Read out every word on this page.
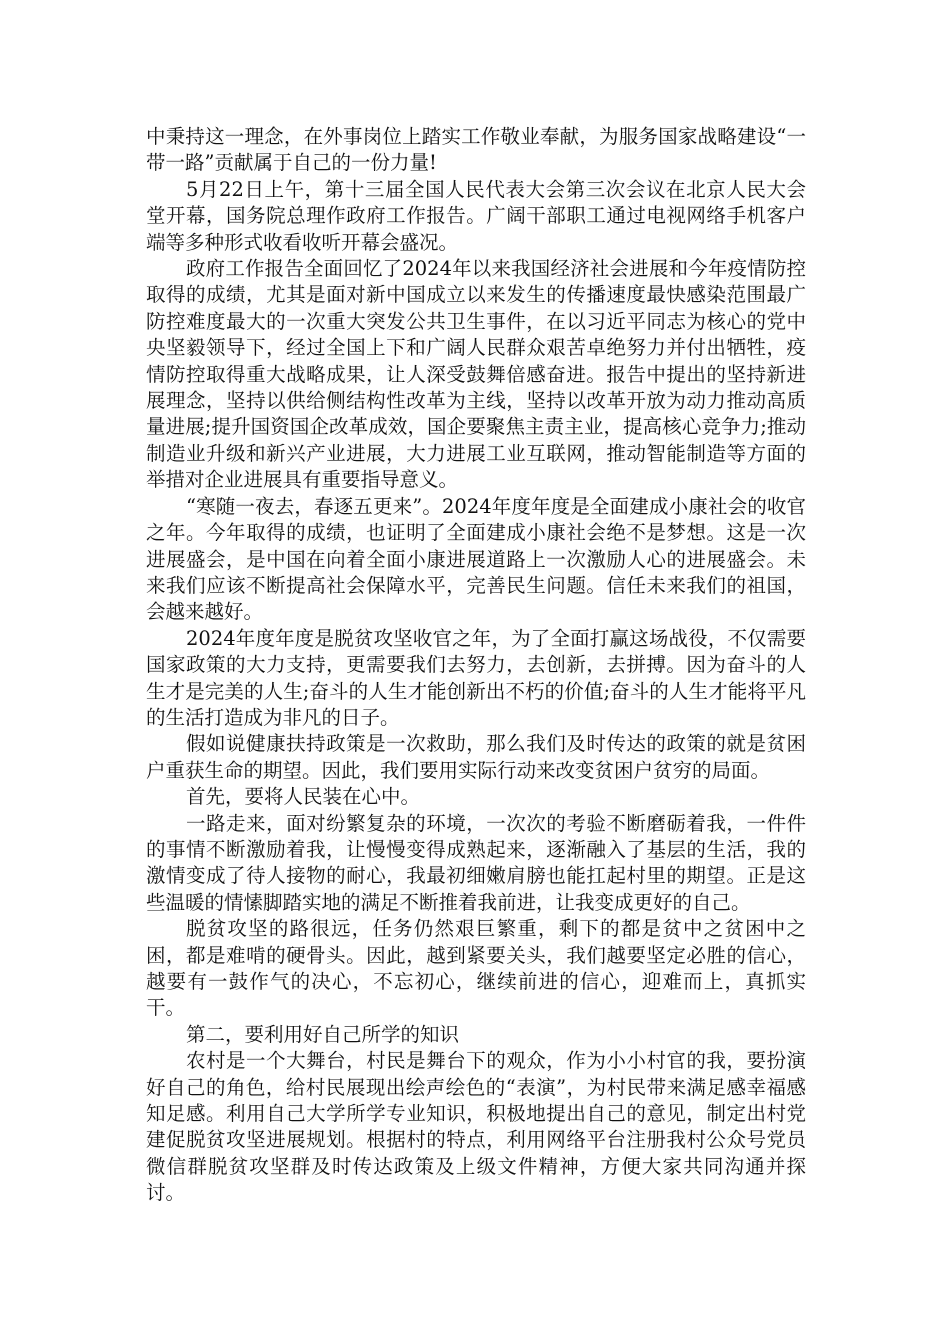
中秉持这一理念，在外事岗位上踏实工作敬业奉献，为服务国家战略建设“一带一路”贡献属于自己的一份力量!

5月22日上午，第十三届全国人民代表大会第三次会议在北京人民大会堂开幕，国务院总理作政府工作报告。广阔干部职工通过电视网络手机客户端等多种形式收看收听开幕会盛况。

政府工作报告全面回忆了2024年以来我国经济社会进展和今年疫情防控取得的成绩，尤其是面对新中国成立以来发生的传播速度最快感染范围最广防控难度最大的一次重大突发公共卫生事件，在以习近平同志为核心的党中央坚毅领导下，经过全国上下和广阔人民群众艰苦卓绝努力并付出牺牲，疫情防控取得重大战略成果，让人深受鼓舞倍感奋进。报告中提出的坚持新进展理念，坚持以供给侧结构性改革为主线，坚持以改革开放为动力推动高质量进展;提升国资国企改革成效，国企要聚焦主责主业，提高核心竞争力;推动制造业升级和新兴产业进展，大力进展工业互联网，推动智能制造等方面的举措对企业进展具有重要指导意义。

“寒随一夜去，春逐五更来”。2024年度年度是全面建成小康社会的收官之年。今年取得的成绩，也证明了全面建成小康社会绝不是梦想。这是一次进展盛会，是中国在向着全面小康进展道路上一次激励人心的进展盛会。未来我们应该不断提高社会保障水平，完善民生问题。信任未来我们的祖国，会越来越好。

2024年度年度是脱贫攻坚收官之年，为了全面打赢这场战役，不仅需要国家政策的大力支持，更需要我们去努力，去创新，去拼搏。因为奋斗的人生才是完美的人生;奋斗的人生才能创新出不朽的价值;奋斗的人生才能将平凡的生活打造成为非凡的日子。

假如说健康扶持政策是一次救助，那么我们及时传达的政策的就是贫困户重获生命的期望。因此，我们要用实际行动来改变贫困户贫穷的局面。

首先，要将人民装在心中。

一路走来，面对纷繁复杂的环境，一次次的考验不断磨砺着我，一件件的事情不断激励着我，让慢慢变得成熟起来，逐渐融入了基层的生活，我的激情变成了待人接物的耐心，我最初细嫩肩膀也能扛起村里的期望。正是这些温暖的情愫脚踏实地的满足不断推着我前进，让我变成更好的自己。

脱贫攻坚的路很远，任务仍然艰巨繁重，剩下的都是贫中之贫困中之困，都是难啃的硬骨头。因此，越到紧要关头，我们越要坚定必胜的信心，越要有一鼓作气的决心，不忘初心，继续前进的信心，迎难而上，真抓实干。

第二，要利用好自己所学的知识

农村是一个大舞台，村民是舞台下的观众，作为小小村官的我，要扮演好自己的角色，给村民展现出绘声绘色的“表演”，为村民带来满足感幸福感知足感。利用自己大学所学专业知识，积极地提出自己的意见，制定出村党建促脱贫攻坚进展规划。根据村的特点，利用网络平台注册我村公众号党员微信群脱贫攻坚群及时传达政策及上级文件精神，方便大家共同沟通并探讨。
